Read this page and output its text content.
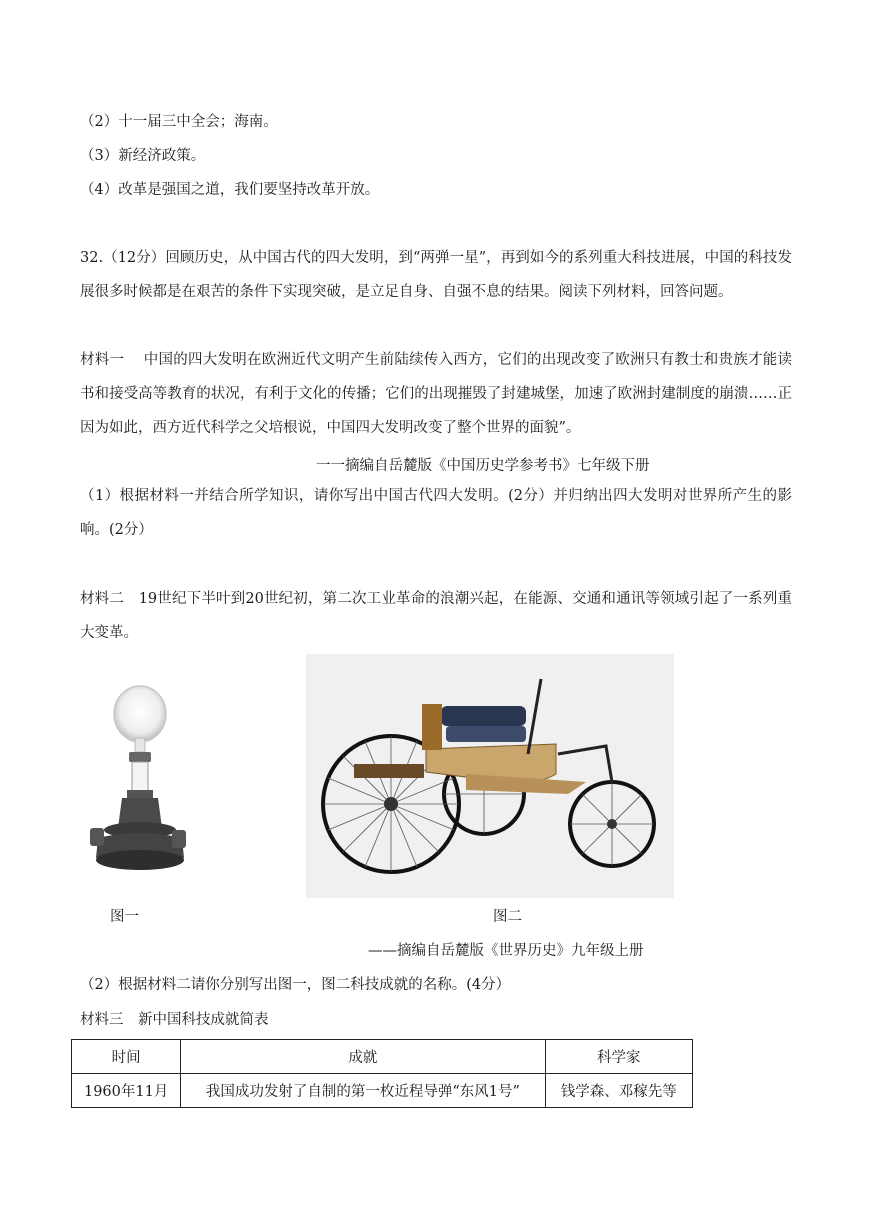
（2）十一届三中全会；海南。
（3）新经济政策。
（4）改革是强国之道，我们要坚持改革开放。
32.（12分）回顾历史，从中国古代的四大发明，到“两弹一星”，再到如今的系列重大科技进展，中国的科技发展很多时候都是在艰苦的条件下实现突破，是立足自身、自强不息的结果。阅读下列材料，回答问题。
材料一　 中国的四大发明在欧洲近代文明产生前陆续传入西方，它们的出现改变了欧洲只有教士和贵族才能读书和接受高等教育的状况，有利于文化的传播；它们的出现摧毁了封建城堡，加速了欧洲封建制度的崩溃……正因为如此，西方近代科学之父培根说，中国四大发明改变了整个世界的面貌”。
一一摘编自岳麓版《中国历史学参考书》七年级下册
（1）根据材料一并结合所学知识，请你写出中国古代四大发明。(2分）并归纳出四大发明对世界所产生的影响。(2分）
材料二　19世纪下半叶到20世纪初，第二次工业革命的浪潮兴起，在能源、交通和通讯等领域引起了一系列重大变革。
图一	图二
——摘编自岳麓版《世界历史》九年级上册
（2）根据材料二请你分别写出图一，图二科技成就的名称。(4分）
材料三　新中国科技成就简表
时间	成就	科学家
1960年11月	我国成功发射了自制的第一枚近程导弹“东风1号”	钱学森、邓稼先等
